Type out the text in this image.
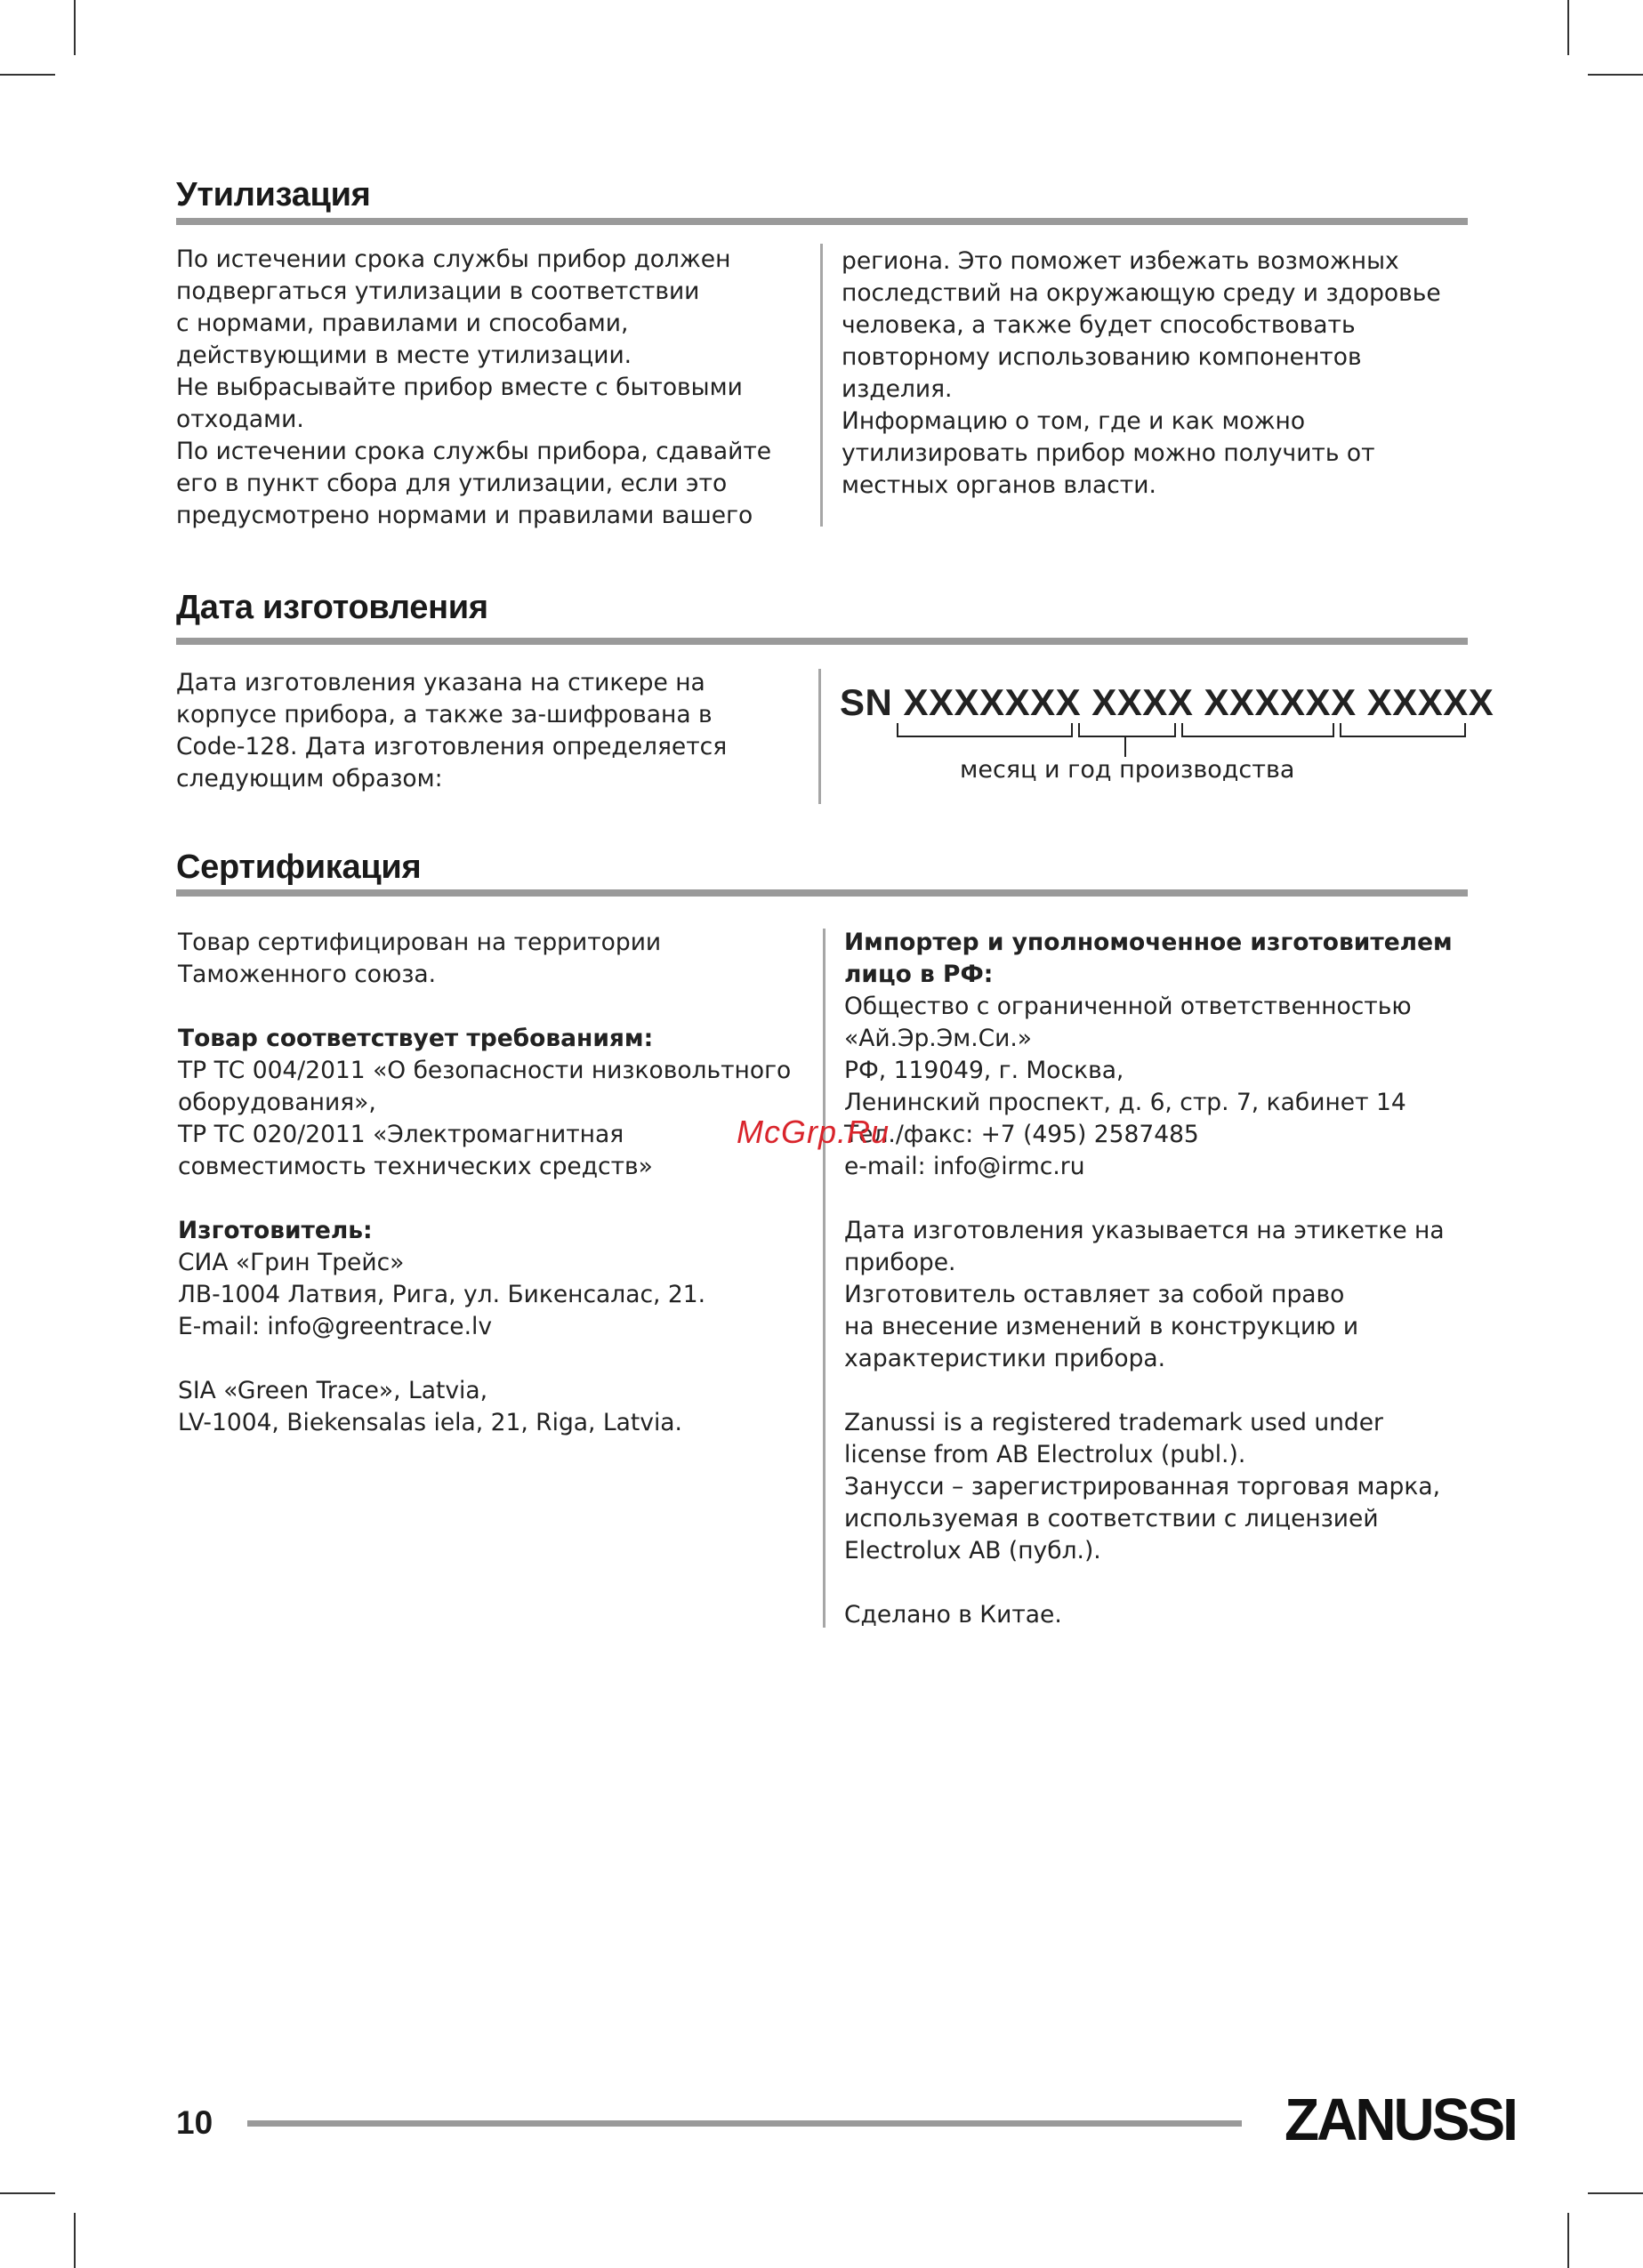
Утилизация

По истечении срока службы прибор должен

подвергаться утилизации в соответствии

с нормами, правилами и способами,

действующими в месте утилизации.

Не выбрасывайте прибор вместе с бытовыми

отходами.

По истечении срока службы прибора, сдавайте

его в пункт сбора для утилизации, если это

предусмотрено нормами и правилами вашего

региона. Это поможет избежать возможных

последствий на окружающую среду и здоровье

человека, а также будет способствовать

повторному использованию компонентов

изделия.

Информацию о том, где и как можно

утилизировать прибор можно получить от

местных органов власти.

Дата изготовления

Дата изготовления указана на стикере на

корпусе прибора, а также за-шифрована в

Code-128. Дата изготовления определяется

следующим образом:

SN XXXXXXX XXXX XXXXXX XXXXX

месяц и год производства

Сертификация

Товар сертифицирован на территории

Таможенного союза.

Товар соответствует требованиям:

ТР ТС 004/2011 «О безопасности низковольтного

оборудования»,

ТР ТС 020/2011 «Электромагнитная

совместимость технических средств»

Изготовитель:

СИА «Грин Трейс»

ЛВ-1004 Латвия, Рига, ул. Бикенсалас, 21.

E-mail: info@greentrace.lv

SIA «Green Trace», Latvia,

LV-1004, Biekensalas iela, 21, Riga, Latvia.

Импортер и уполномоченное изготовителем

лицо в РФ:

Общество с ограниченной ответственностью

«Ай.Эр.Эм.Си.»

РФ, 119049, г. Москва,

Ленинский проспект, д. 6, стр. 7, кабинет 14

Тел./факс: +7 (495) 2587485

e-mail: info@irmc.ru

Дата изготовления указывается на этикетке на

приборе.

Изготовитель оставляет за собой право

на внесение изменений в конструкцию и

характеристики прибора.

Zanussi is a registered trademark used under

license from AB Electrolux (publ.).

Занусси – зарегистрированная торговая марка,

используемая в соответствии с лицензией

Electrolux AB (публ.).

Сделано в Китае.

McGrp.Ru

10	ZANUSSI
